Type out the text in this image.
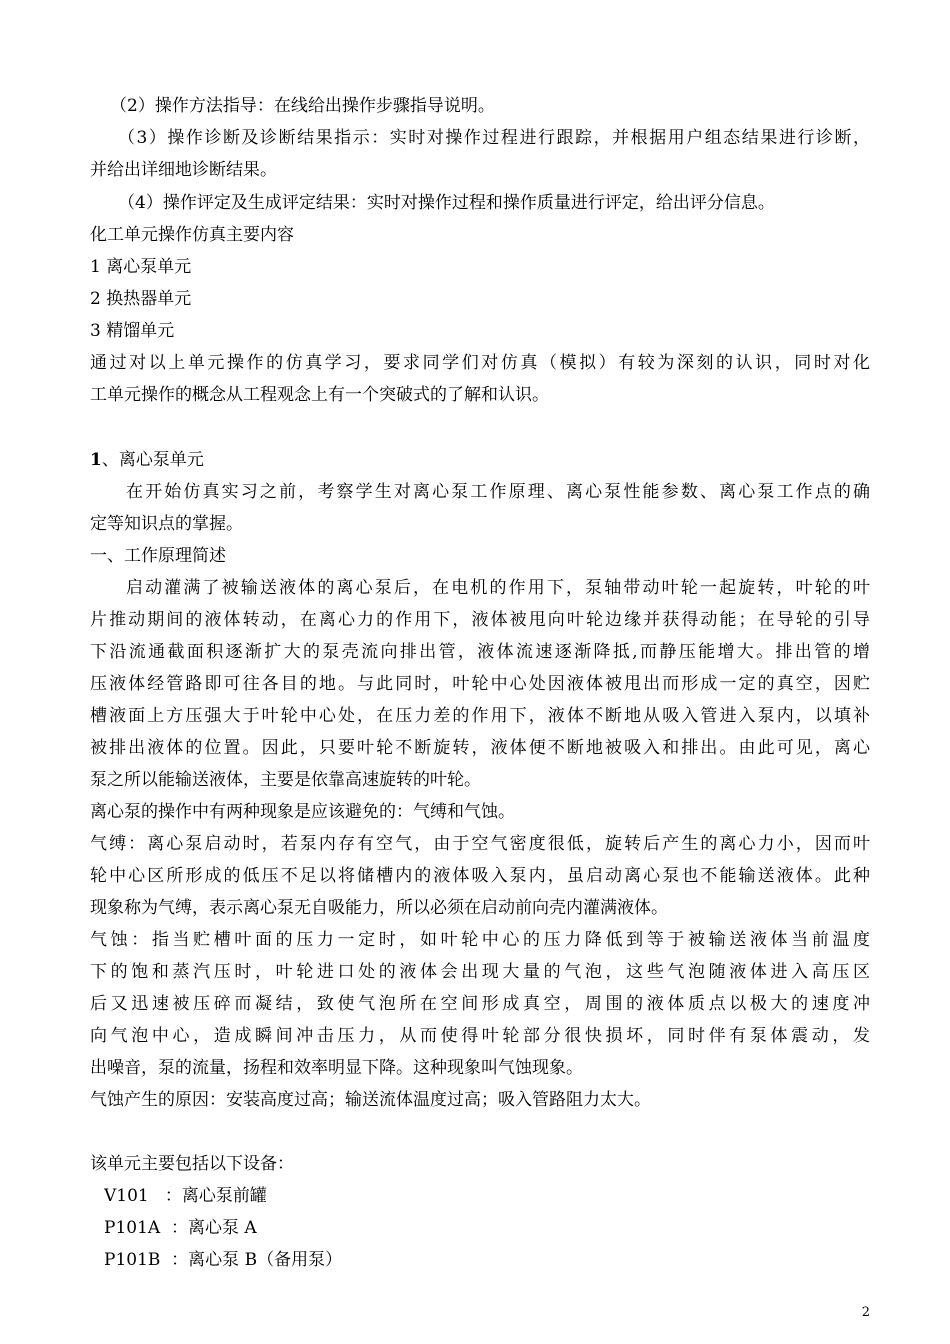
（2）操作方法指导：在线给出操作步骤指导说明。
（3）操作诊断及诊断结果指示：实时对操作过程进行跟踪，并根据用户组态结果进行诊断，
并给出详细地诊断结果。
（4）操作评定及生成评定结果：实时对操作过程和操作质量进行评定，给出评分信息。
化工单元操作仿真主要内容
1 离心泵单元
2 换热器单元
3 精馏单元
通过对以上单元操作的仿真学习，要求同学们对仿真（模拟）有较为深刻的认识，同时对化
工单元操作的概念从工程观念上有一个突破式的了解和认识。
1、离心泵单元
在开始仿真实习之前，考察学生对离心泵工作原理、离心泵性能参数、离心泵工作点的确
定等知识点的掌握。
一、工作原理简述
启动灌满了被输送液体的离心泵后，在电机的作用下，泵轴带动叶轮一起旋转，叶轮的叶
片推动期间的液体转动，在离心力的作用下，液体被甩向叶轮边缘并获得动能；在导轮的引导
下沿流通截面积逐渐扩大的泵壳流向排出管，液体流速逐渐降抵,而静压能增大。排出管的增
压液体经管路即可往各目的地。与此同时，叶轮中心处因液体被甩出而形成一定的真空，因贮
槽液面上方压强大于叶轮中心处，在压力差的作用下，液体不断地从吸入管进入泵内，以填补
被排出液体的位置。因此，只要叶轮不断旋转，液体便不断地被吸入和排出。由此可见，离心
泵之所以能输送液体，主要是依靠高速旋转的叶轮。
离心泵的操作中有两种现象是应该避免的：气缚和气蚀。
气缚：离心泵启动时，若泵内存有空气，由于空气密度很低，旋转后产生的离心力小，因而叶
轮中心区所形成的低压不足以将储槽内的液体吸入泵内，虽启动离心泵也不能输送液体。此种
现象称为气缚，表示离心泵无自吸能力，所以必须在启动前向壳内灌满液体。
气蚀：指当贮槽叶面的压力一定时，如叶轮中心的压力降低到等于被输送液体当前温度
下的饱和蒸汽压时，叶轮进口处的液体会出现大量的气泡，这些气泡随液体进入高压区
后又迅速被压碎而凝结，致使气泡所在空间形成真空，周围的液体质点以极大的速度冲
向气泡中心，造成瞬间冲击压力，从而使得叶轮部分很快损坏，同时伴有泵体震动，发
出噪音，泵的流量，扬程和效率明显下降。这种现象叫气蚀现象。
气蚀产生的原因：安装高度过高；输送流体温度过高；吸入管路阻力太大。
该单元主要包括以下设备：
V101   ：离心泵前罐
P101A  ：离心泵 A
P101B  ：离心泵 B（备用泵）
2
